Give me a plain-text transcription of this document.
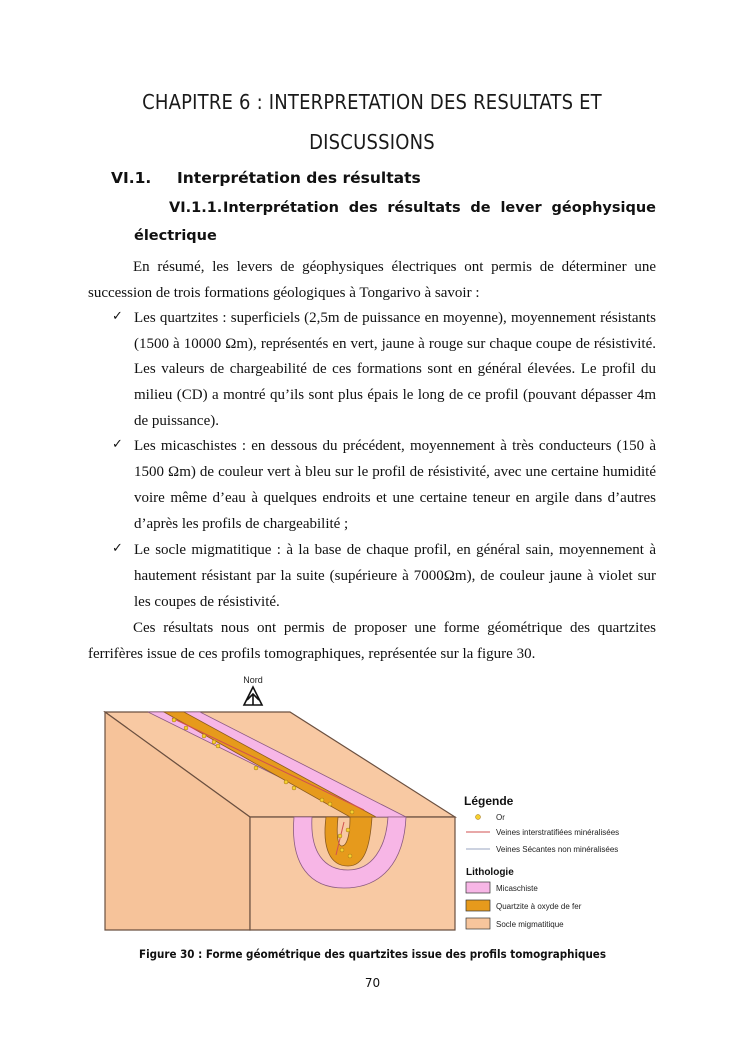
CHAPITRE 6 : INTERPRETATION DES RESULTATS ET
DISCUSSIONS
VI.1. Interprétation des résultats
VI.1.1. Interprétation des résultats de lever géophysique
électrique
En résumé, les levers de géophysiques électriques ont permis de déterminer une
succession de trois formations géologiques à Tongarivo à savoir :
✓ Les quartzites : superficiels (2,5m de puissance en moyenne), moyennement résistants
(1500 à 10000 Ωm), représentés en vert, jaune à rouge sur chaque coupe de résistivité.
Les valeurs de chargeabilité de ces formations sont en général élevées. Le profil du
milieu (CD) a montré qu’ils sont plus épais le long de ce profil (pouvant dépasser 4m
de puissance).
✓ Les micaschistes : en dessous du précédent, moyennement à très conducteurs (150 à
1500 Ωm) de couleur vert à bleu sur le profil de résistivité, avec une certaine humidité
voire même d’eau à quelques endroits et une certaine teneur en argile dans d’autres
d’après les profils de chargeabilité ;
✓ Le socle migmatitique : à la base de chaque profil, en général sain, moyennement à
hautement résistant par la suite (supérieure à 7000Ωm), de couleur jaune à violet sur
les coupes de résistivité.
Ces résultats nous ont permis de proposer une forme géométrique des quartzites
ferrifères issue de ces profils tomographiques, représentée sur la figure 30.
Nord
Légende
Or
Veines interstratifiées minéralisées
Veines Sécantes non minéralisées
Lithologie
Micaschiste
Quartzite à oxyde de fer
Socle migmatitique
Figure 30 : Forme géométrique des quartzites issue des profils tomographiques
70
